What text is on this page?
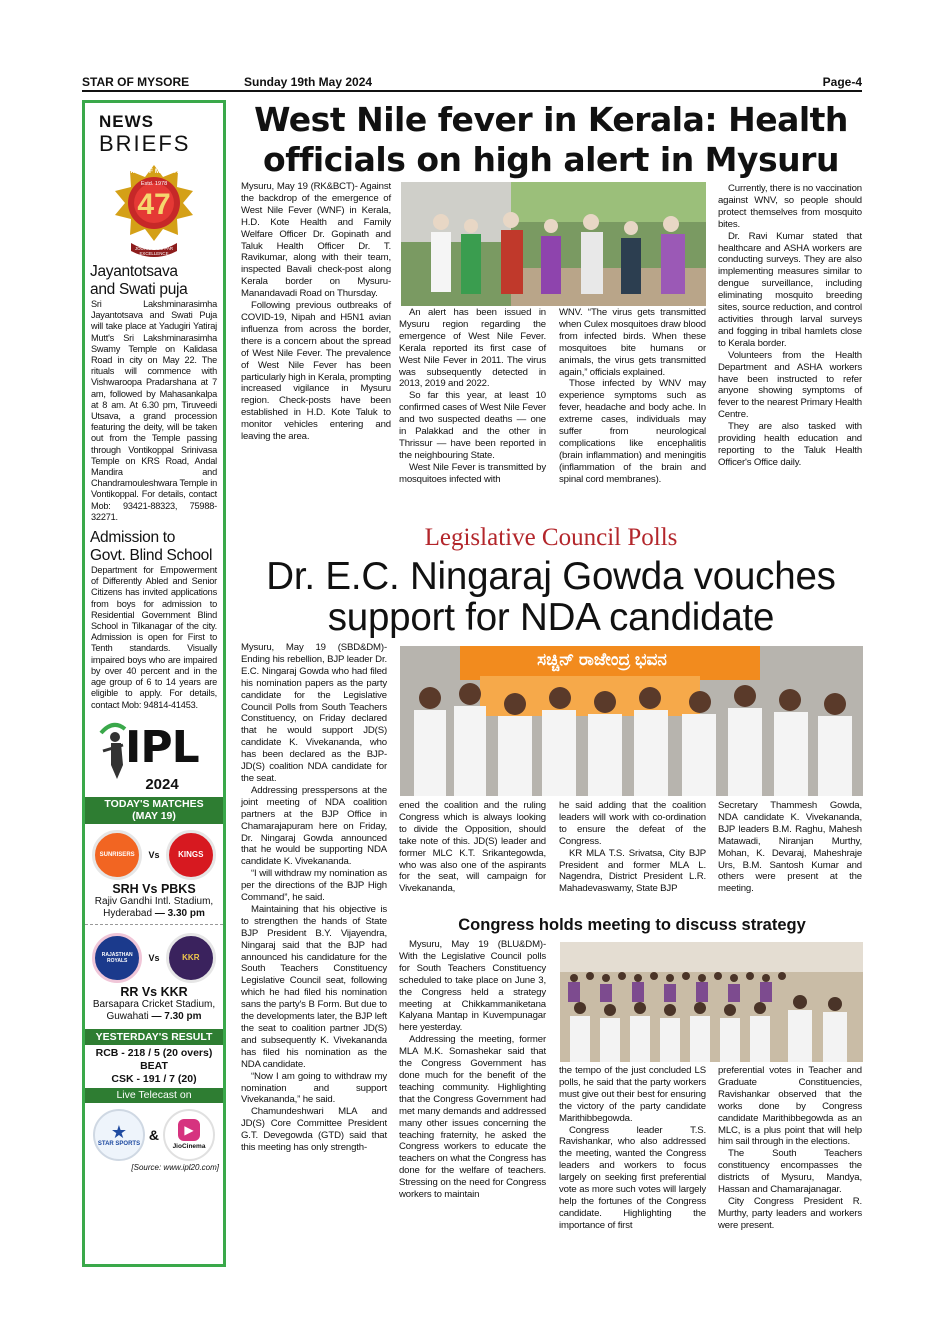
STAR OF MYSORE	Sunday 19th May 2024	Page-4
NEWS
BRIEFS
STAR OF MYSORE
Estd. 1978
47
JOURNALISM PAR EXCELLENCE
Jayantotsava
and Swati puja
Sri Lakshminarasimha Jayantotsava and Swati Puja will take place at Yadugiri Yatiraj Mutt's Sri Lakshminarasimha Swamy Temple on Kalidasa Road in city on May 22. The rituals will commence with Vishwaroopa Pradarshana at 7 am, followed by Mahasankalpa at 8 am. At 6.30 pm, Tiruveedi Utsava, a grand procession featuring the deity, will be taken out from the Temple passing through Vontikoppal Srinivasa Temple on KRS Road, Andal Mandira and Chandramouleshwara Temple in Vontikoppal. For details, contact Mob: 93421-88323, 75988-32271.
Admission to
Govt. Blind School
Department for Empowerment of Differently Abled and Senior Citizens has invited applications from boys for admission to Residential Government Blind School in Tilkanagar of the city. Admission is open for First to Tenth standards. Visually impaired boys who are impaired by over 40 percent and in the age group of 6 to 14 years are eligible to apply. For details, contact Mob: 94814-41453.
IPL
2024
TODAY'S MATCHES
(MAY 19)
SUNRISERS Vs KINGS
SRH Vs PBKS
Rajiv Gandhi Intl. Stadium,
Hyderabad — 3.30 pm
RAJASTHAN ROYALS	Vs	KKR
RR Vs KKR
Barsapara Cricket Stadium,
Guwahati — 7.30 pm
YESTERDAY'S RESULT
RCB - 218 / 5 (20 overs)
BEAT
CSK - 191 / 7 (20)
Live Telecast on
★
STAR SPORTS
&	▶
JioCinema
[Source: www.ipl20.com]
West Nile fever in Kerala: Health
officials on high alert in Mysuru

Mysuru, May 19 (RK&BCT)- Against the backdrop of the emergence of West Nile Fever (WNF) in Kerala, H.D. Kote Health and Family Welfare Officer Dr. Gopinath and Taluk Health Officer Dr. T. Ravikumar, along with their team, inspected Bavali check-post along Kerala border on Mysuru-Manandavadi Road on Thursday.

Following previous outbreaks of COVID-19, Nipah and H5N1 avian influenza from across the border, there is a concern about the spread of West Nile Fever. The prevalence of West Nile Fever has been particularly high in Kerala, prompting increased vigilance in Mysuru region. Check-posts have been established in H.D. Kote Taluk to monitor vehicles entering and leaving the area.

An alert has been issued in Mysuru region regarding the emergence of West Nile Fever. Kerala reported its first case of West Nile Fever in 2011. The virus was subsequently detected in 2013, 2019 and 2022.

So far this year, at least 10 confirmed cases of West Nile Fever and two suspected deaths — one in Palakkad and the other in Thrissur — have been reported in the neighbouring State.

West Nile Fever is transmitted by mosquitoes infected with

WNV. “The virus gets transmitted when Culex mosquitoes draw blood from infected birds. When these mosquitoes bite humans or animals, the virus gets transmitted again,” officials explained.

Those infected by WNV may experience symptoms such as fever, headache and body ache. In extreme cases, individuals may suffer from neurological complications like encephalitis (brain inflammation) and meningitis (inflammation of the brain and spinal cord membranes).

Currently, there is no vaccination against WNV, so people should protect themselves from mosquito bites.

Dr. Ravi Kumar stated that healthcare and ASHA workers are conducting surveys. They are also implementing measures similar to dengue surveillance, including eliminating mosquito breeding sites, source reduction, and control activities through larval surveys and fogging in tribal hamlets close to Kerala border.

Volunteers from the Health Department and ASHA workers have been instructed to refer anyone showing symptoms of fever to the nearest Primary Health Centre.

They are also tasked with providing health education and reporting to the Taluk Health Officer's Office daily.

Legislative Council Polls
Dr. E.C. Ningaraj Gowda vouches
support for NDA candidate

Mysuru, May 19 (SBD&DM)- Ending his rebellion, BJP leader Dr. E.C. Ningaraj Gowda who had filed his nomination papers as the party candidate for the Legislative Council Polls from South Teachers Constituency, on Friday declared that he would support JD(S) candidate K. Vivekananda, who has been declared as the BJP-JD(S) coalition NDA candidate for the seat.

Addressing presspersons at the joint meeting of NDA coalition partners at the BJP Office in Chamarajapuram here on Friday, Dr. Ningaraj Gowda announced that he would be supporting NDA candidate K. Vivekananda.

“I will withdraw my nomination as per the directions of the BJP High Command”, he said.

Maintaining that his objective is to strengthen the hands of State BJP President B.Y. Vijayendra, Ningaraj said that the BJP had announced his candidature for the South Teachers Constituency Legislative Council seat, following which he had filed his nomination sans the party's B Form. But due to the developments later, the BJP left the seat to coalition partner JD(S) and subsequently K. Vivekananda has filed his nomination as the NDA candidate.

“Now I am going to withdraw my nomination and support Vivekananda,” he said.

Chamundeshwari MLA and JD(S) Core Committee President G.T. Devegowda (GTD) said that this meeting has only strength-

ಸಚ್ಚಿನ್ ರಾಜೇಂದ್ರ ಭವನ

ened the coalition and the ruling Congress which is always looking to divide the Opposition, should take note of this. JD(S) leader and former MLC K.T. Srikantegowda, who was also one of the aspirants for the seat, will campaign for Vivekananda,

he said adding that the coalition leaders will work with co-ordination to ensure the defeat of the Congress.

KR MLA T.S. Srivatsa, City BJP President and former MLA L. Nagendra, District President L.R. Mahadevaswamy, State BJP

Secretary Thammesh Gowda, NDA candidate K. Vivekananda, BJP leaders B.M. Raghu, Mahesh Matawadi, Niranjan Murthy, Mohan, K. Devaraj, Maheshraje Urs, B.M. Santosh Kumar and others were present at the meeting.

Congress holds meeting to discuss strategy

Mysuru, May 19 (BLU&DM)- With the Legislative Council polls for South Teachers Constituency scheduled to take place on June 3, the Congress held a strategy meeting at Chikkammaniketana Kalyana Mantap in Kuvempunagar here yesterday.

Addressing the meeting, former MLA M.K. Somashekar said that the Congress Government has done much for the benefit of the teaching community. Highlighting that the Congress Government had met many demands and addressed many other issues concerning the teaching fraternity, he asked the Congress workers to educate the teachers on what the Congress has done for the welfare of teachers. Stressing on the need for Congress workers to maintain

the tempo of the just concluded LS polls, he said that the party workers must give out their best for ensuring the victory of the party candidate Marithibbegowda.

Congress leader T.S. Ravishankar, who also addressed the meeting, wanted the Congress leaders and workers to focus largely on seeking first preferential vote as more such votes will largely help the fortunes of the Congress candidate. Highlighting the importance of first

preferential votes in Teacher and Graduate Constituencies, Ravishankar observed that the works done by Congress candidate Marithibbegowda as an MLC, is a plus point that will help him sail through in the elections.

The South Teachers constituency encompasses the districts of Mysuru, Mandya, Hassan and Chamarajanagar.

City Congress President R. Murthy, party leaders and workers were present.
